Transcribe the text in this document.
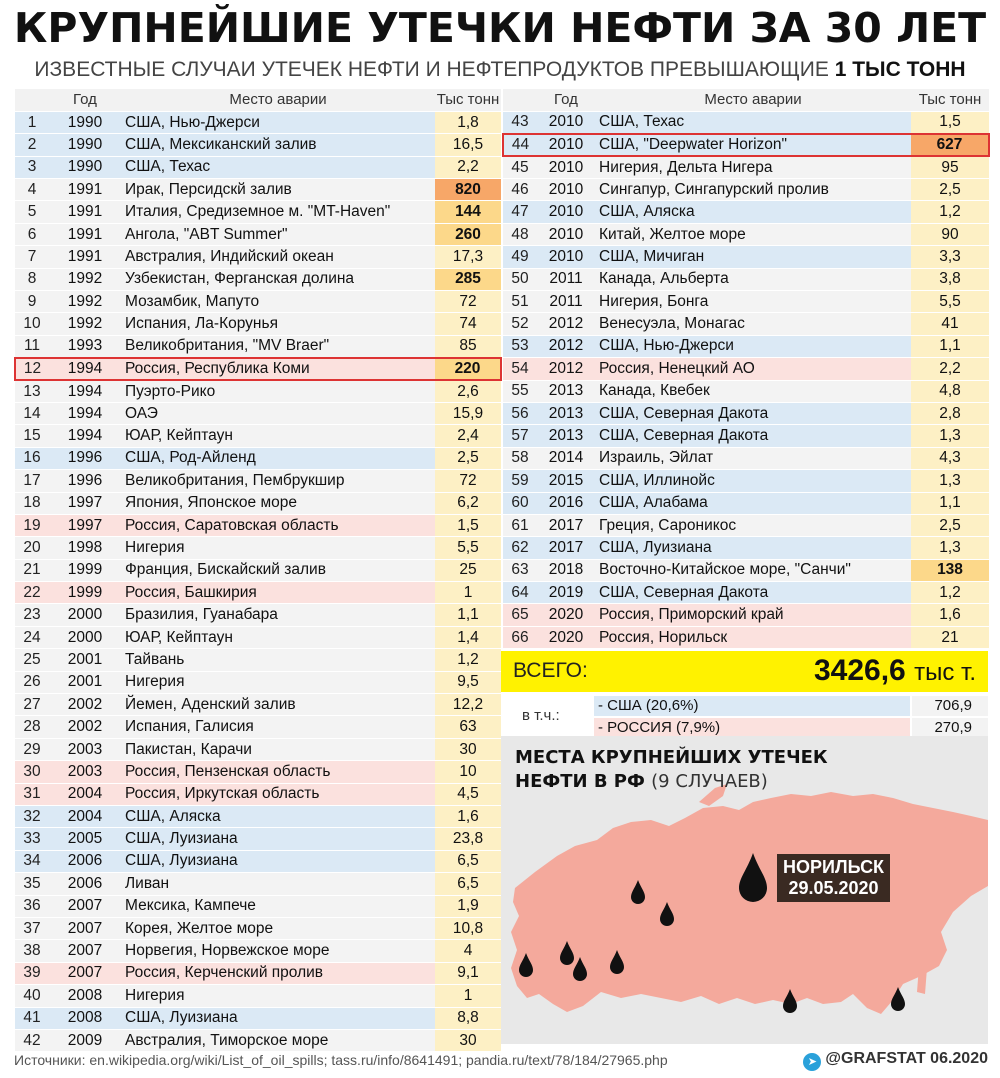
КРУПНЕЙШИЕ УТЕЧКИ НЕФТИ ЗА 30 ЛЕТ
ИЗВЕСТНЫЕ СЛУЧАИ УТЕЧЕК НЕФТИ И НЕФТЕПРОДУКТОВ ПРЕВЫШАЮЩИЕ 1 ТЫС ТОНН
	Год	Место аварии	Тыс тонн
1	1990	США, Нью-Джерси	1,8
2	1990	США, Мексиканский залив	16,5
3	1990	США, Техас	2,2
4	1991	Ирак, Персидскй залив	820
5	1991	Италия, Средиземное м. "MT-Haven"	144
6	1991	Ангола, "ABT Summer"	260
7	1991	Австралия, Индийский океан	17,3
8	1992	Узбекистан, Ферганская долина	285
9	1992	Мозамбик, Мапуто	72
10	1992	Испания, Ла-Корунья	74
11	1993	Великобритания, "MV Braer"	85
12	1994	Россия, Республика Коми	220
13	1994	Пуэрто-Рико	2,6
14	1994	ОАЭ	15,9
15	1994	ЮАР, Кейптаун	2,4
16	1996	США, Род-Айленд	2,5
17	1996	Великобритания, Пембрукшир	72
18	1997	Япония, Японское море	6,2
19	1997	Россия, Саратовская область	1,5
20	1998	Нигерия	5,5
21	1999	Франция, Бискайский залив	25
22	1999	Россия, Башкирия	1
23	2000	Бразилия, Гуанабара	1,1
24	2000	ЮАР, Кейптаун	1,4
25	2001	Тайвань	1,2
26	2001	Нигерия	9,5
27	2002	Йемен, Аденский залив	12,2
28	2002	Испания, Галисия	63
29	2003	Пакистан, Карачи	30
30	2003	Россия, Пензенская область	10
31	2004	Россия, Иркутская область	4,5
32	2004	США, Аляска	1,6
33	2005	США, Луизиана	23,8
34	2006	США, Луизиана	6,5
35	2006	Ливан	6,5
36	2007	Мексика, Кампече	1,9
37	2007	Корея, Желтое море	10,8
38	2007	Норвегия, Норвежское море	4
39	2007	Россия, Керченский пролив	9,1
40	2008	Нигерия	1
41	2008	США, Луизиана	8,8
42	2009	Австралия, Тиморское море	30
	Год	Место аварии	Тыс тонн
43	2010	США, Техас	1,5
44	2010	США, "Deepwater Horizon"	627
45	2010	Нигерия, Дельта Нигера	95
46	2010	Сингапур, Сингапурский пролив	2,5
47	2010	США, Аляска	1,2
48	2010	Китай, Желтое море	90
49	2010	США, Мичиган	3,3
50	2011	Канада, Альберта	3,8
51	2011	Нигерия, Бонга	5,5
52	2012	Венесуэла, Монагас	41
53	2012	США, Нью-Джерси	1,1
54	2012	Россия, Ненецкий АО	2,2
55	2013	Канада, Квебек	4,8
56	2013	США, Северная Дакота	2,8
57	2013	США, Северная Дакота	1,3
58	2014	Израиль, Эйлат	4,3
59	2015	США, Иллинойс	1,3
60	2016	США, Алабама	1,1
61	2017	Греция, Сароникос	2,5
62	2017	США, Луизиана	1,3
63	2018	Восточно-Китайское море, "Санчи"	138
64	2019	США, Северная Дакота	1,2
65	2020	Россия, Приморский край	1,6
66	2020	Россия, Норильск	21
ВСЕГО:	3426,6 тыс т.
в т.ч.:
- США (20,6%)	706,9
- РОССИЯ (7,9%)	270,9
МЕСТА КРУПНЕЙШИХ УТЕЧЕК
НЕФТИ В РФ (9 СЛУЧАЕВ)
НОРИЛЬСК
29.05.2020
Источники: en.wikipedia.org/wiki/List_of_oil_spills; tass.ru/info/8641491; pandia.ru/text/78/184/27965.php	➤ @GRAFSTAT 06.2020
